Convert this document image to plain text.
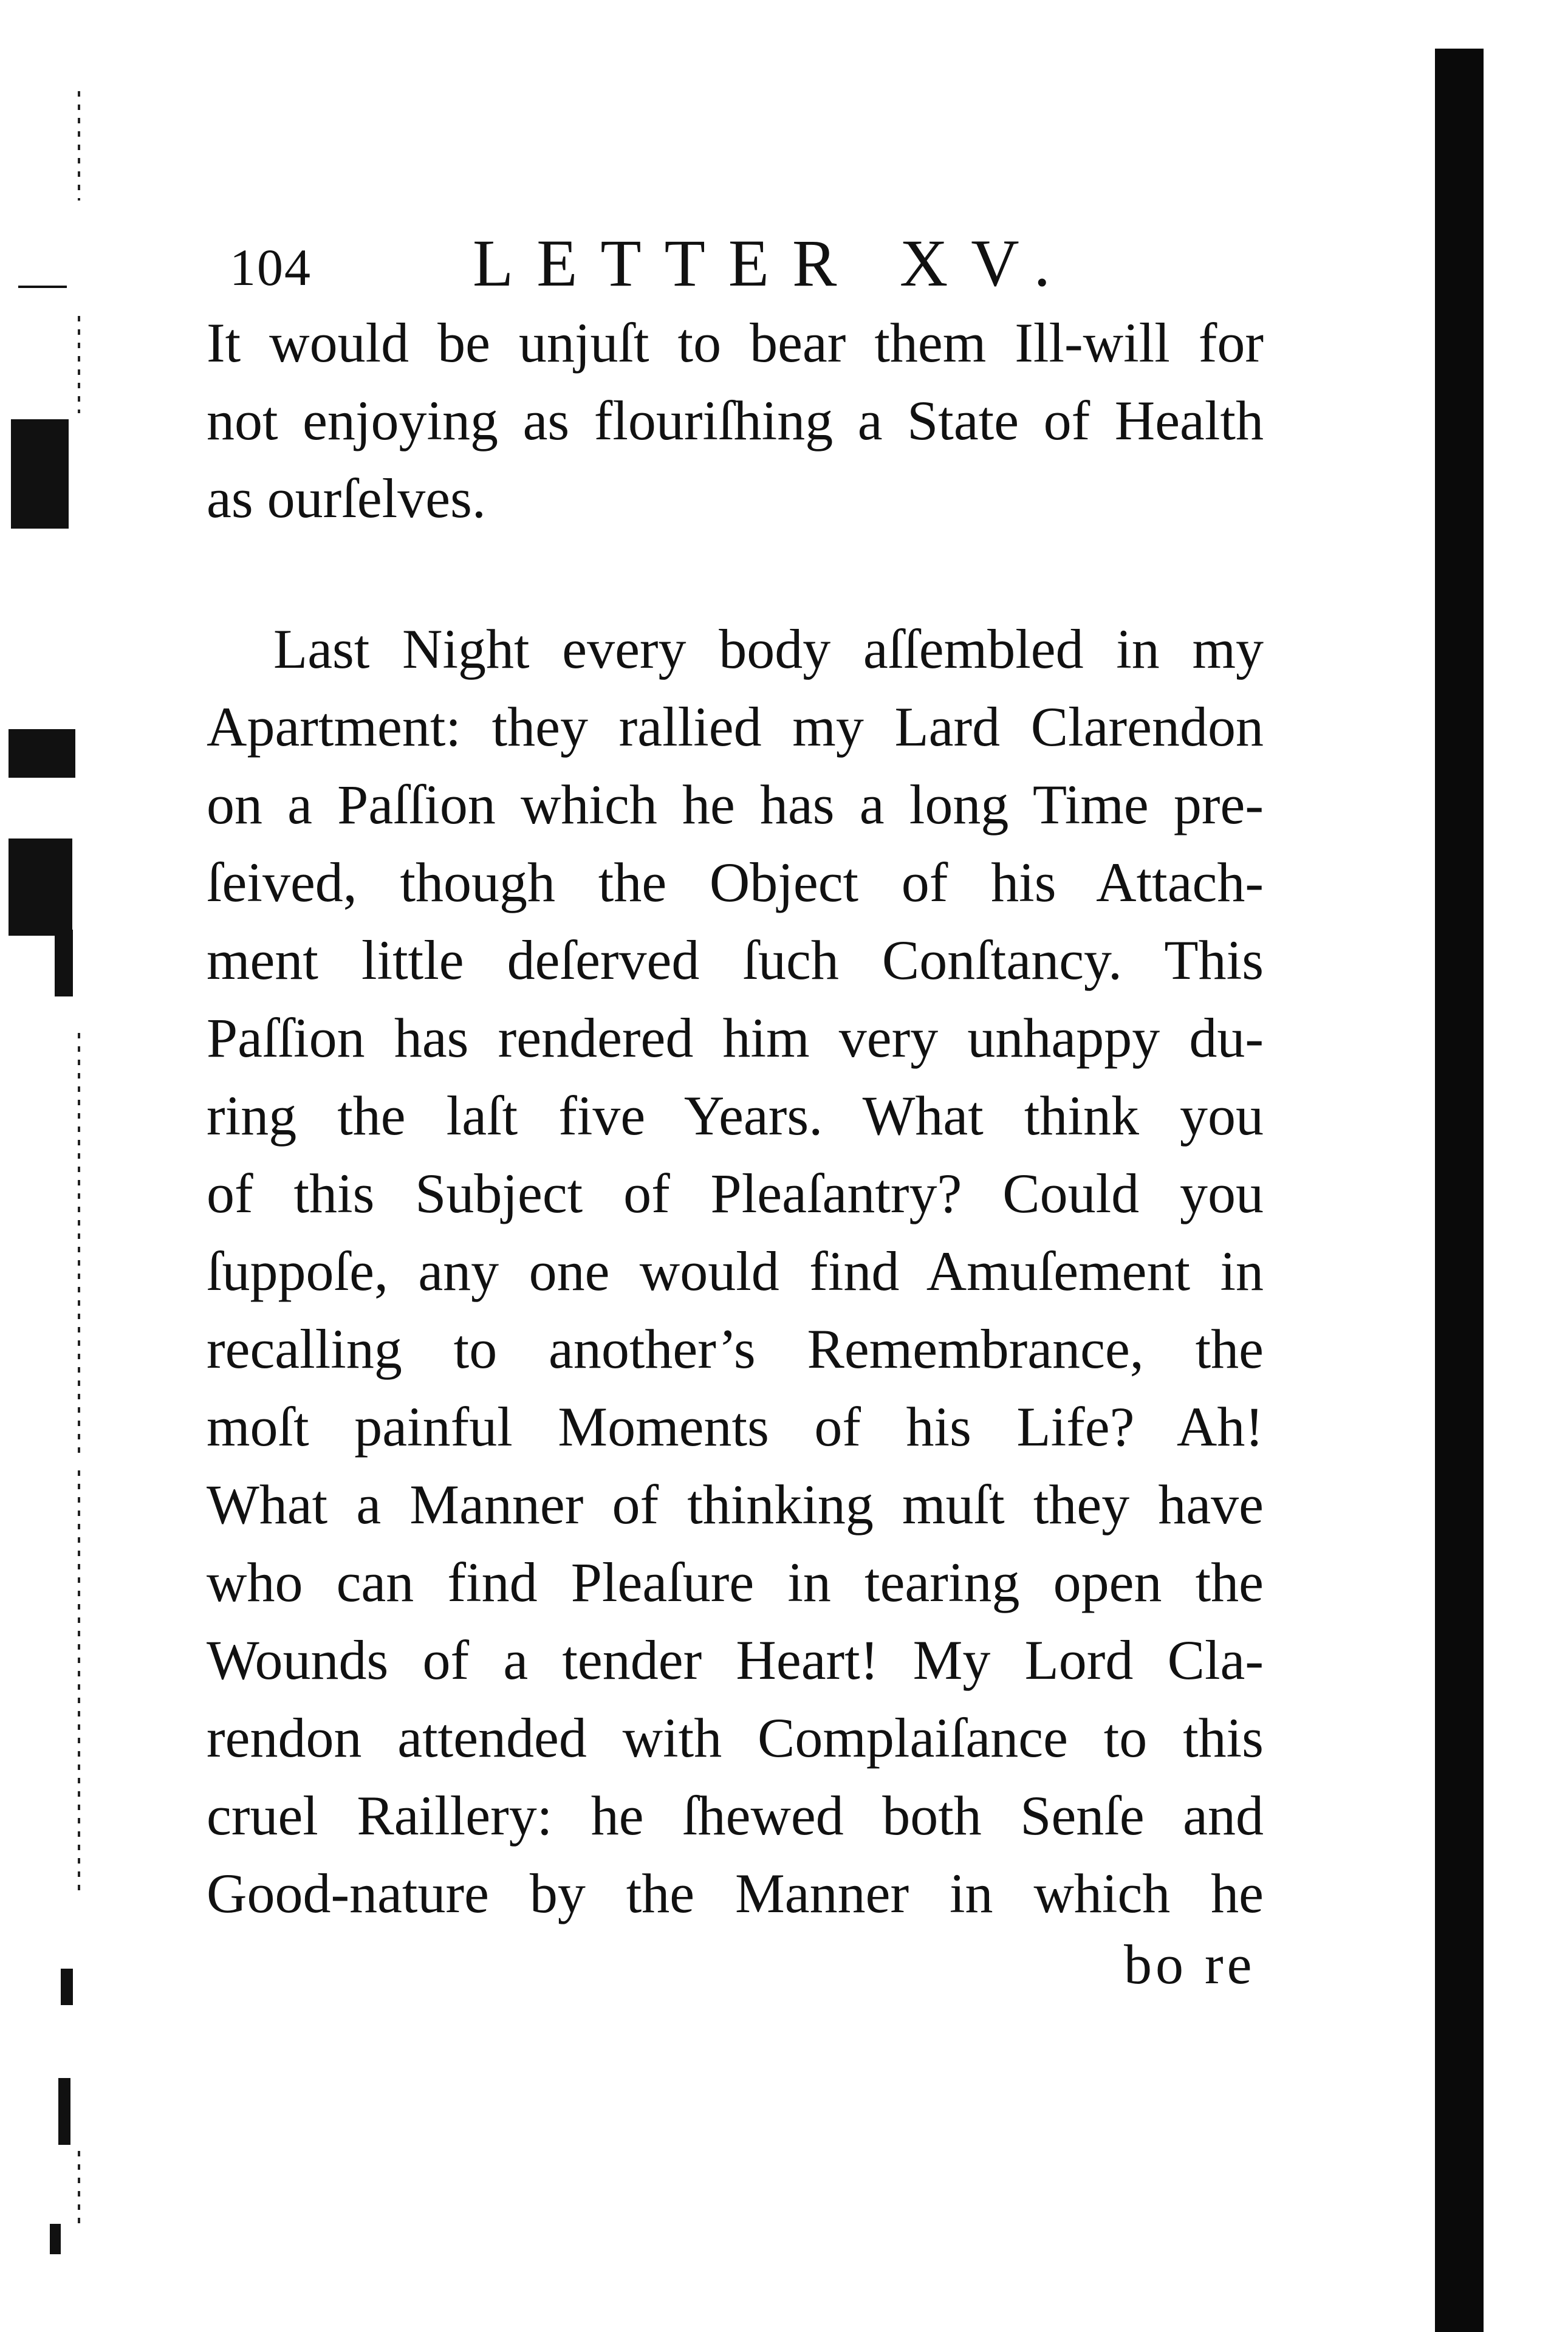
104 LETTER XV.
It would be unjuſt to bear them Ill-will for
not enjoying as flouriſhing a State of Health
as ourſelves.
Last Night every body aſſembled in my
Apartment: they rallied my Lard Clarendon
on a Paſſion which he has a long Time pre-
ſeived, though the Object of his Attach-
ment little deſerved ſuch Conſtancy. This
Paſſion has rendered him very unhappy du-
ring the laſt five Years. What think you
of this Subject of Pleaſantry? Could you
ſuppoſe, any one would find Amuſement in
recalling to another’s Remembrance, the
moſt painful Moments of his Life? Ah!
What a Manner of thinking muſt they have
who can find Pleaſure in tearing open the
Wounds of a tender Heart! My Lord Cla-
rendon attended with Complaiſance to this
cruel Raillery: he ſhewed both Senſe and
Good-nature by the Manner in which he
bo re
